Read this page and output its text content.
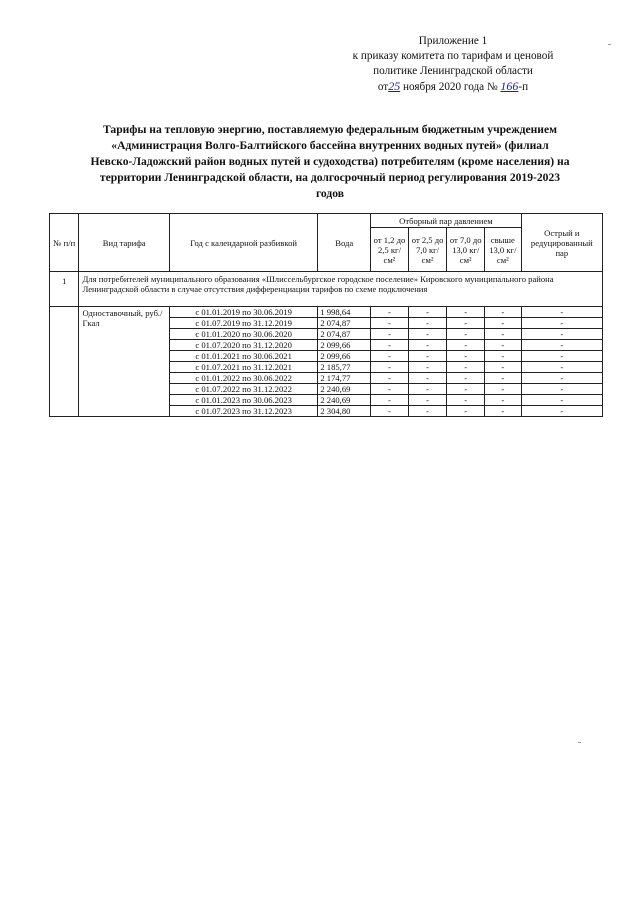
Приложение 1
к приказу комитета по тарифам и ценовой
политике Ленинградской области
от25 ноября 2020 года № 166-п
Тарифы на тепловую энергию, поставляемую федеральным бюджетным учреждением
«Администрация Волго-Балтийского бассейна внутренних водных путей» (филиал
Невско-Ладожский район водных путей и судоходства) потребителям (кроме населения) на
территории Ленинградской области, на долгосрочный период регулирования 2019-2023
годов
№ п/п	Вид тарифа	Год с календарной разбивкой	Вода	Отборный пар давлением				Острый и редуцированный пар
				от 1,2 до 2,5 кг/см²	от 2,5 до 7,0 кг/см²	от 7,0 до 13,0 кг/см²	свыше 13,0 кг/см²	
1	Для потребителей муниципального образования «Шлиссельбургское городское поселение» Кировского муниципального района Ленинградской области в случае отсутствия дифференциации тарифов по схеме подключения							
	Одноставочный, руб./Гкал	с 01.01.2019 по 30.06.2019	1 998,64	-	-	-	-	-
		с 01.07.2019 по 31.12.2019	2 074,87	-	-	-	-	-
		с 01.01.2020 по 30.06.2020	2 074,87	-	-	-	-	-
		с 01.07.2020 по 31.12.2020	2 099,66	-	-	-	-	-
		с 01.01.2021 по 30.06.2021	2 099,66	-	-	-	-	-
		с 01.07.2021 по 31.12.2021	2 185,77	-	-	-	-	-
		с 01.01.2022 по 30.06.2022	2 174,77	-	-	-	-	-
		с 01.07.2022 по 31.12.2022	2 240,69	-	-	-	-	-
		с 01.01.2023 по 30.06.2023	2 240,69	-	-	-	-	-
		с 01.07.2023 по 31.12.2023	2 304,80	-	-	-	-	-
